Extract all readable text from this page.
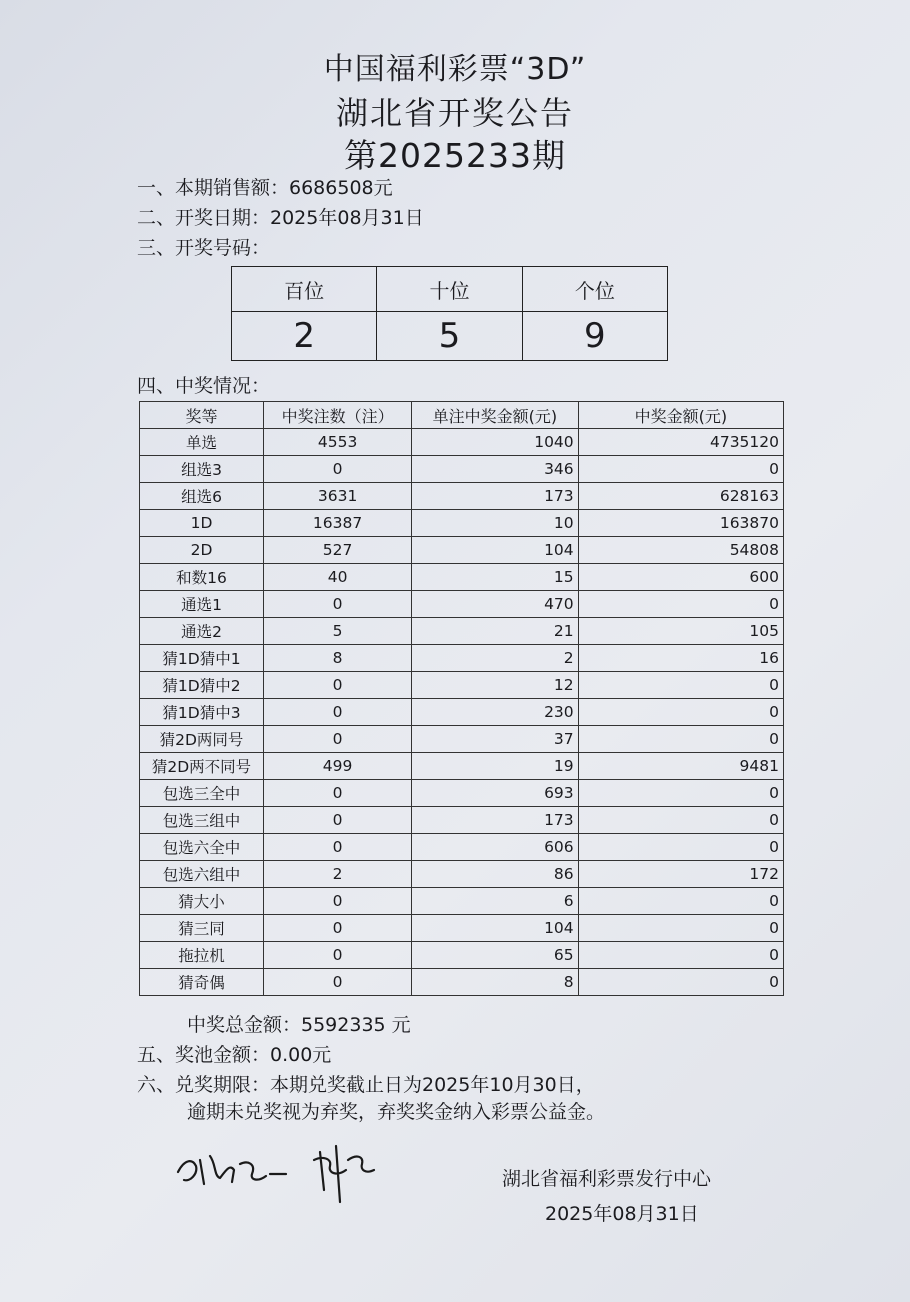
中国福利彩票“3D”
湖北省开奖公告
第2025233期
一、本期销售额：6686508元
二、开奖日期：2025年08月31日
三、开奖号码：
百位	十位	个位
2	5	9
四、中奖情况：
奖等	中奖注数（注）	单注中奖金额(元)	中奖金额(元)
单选	4553	1040	4735120
组选3	0	346	0
组选6	3631	173	628163
1D	16387	10	163870
2D	527	104	54808
和数16	40	15	600
通选1	0	470	0
通选2	5	21	105
猜1D猜中1	8	2	16
猜1D猜中2	0	12	0
猜1D猜中3	0	230	0
猜2D两同号	0	37	0
猜2D两不同号	499	19	9481
包选三全中	0	693	0
包选三组中	0	173	0
包选六全中	0	606	0
包选六组中	2	86	172
猜大小	0	6	0
猜三同	0	104	0
拖拉机	0	65	0
猜奇偶	0	8	0
中奖总金额：5592335 元
五、奖池金额：0.00元
六、兑奖期限：本期兑奖截止日为2025年10月30日，
逾期未兑奖视为弃奖，弃奖奖金纳入彩票公益金。
湖北省福利彩票发行中心
2025年08月31日
